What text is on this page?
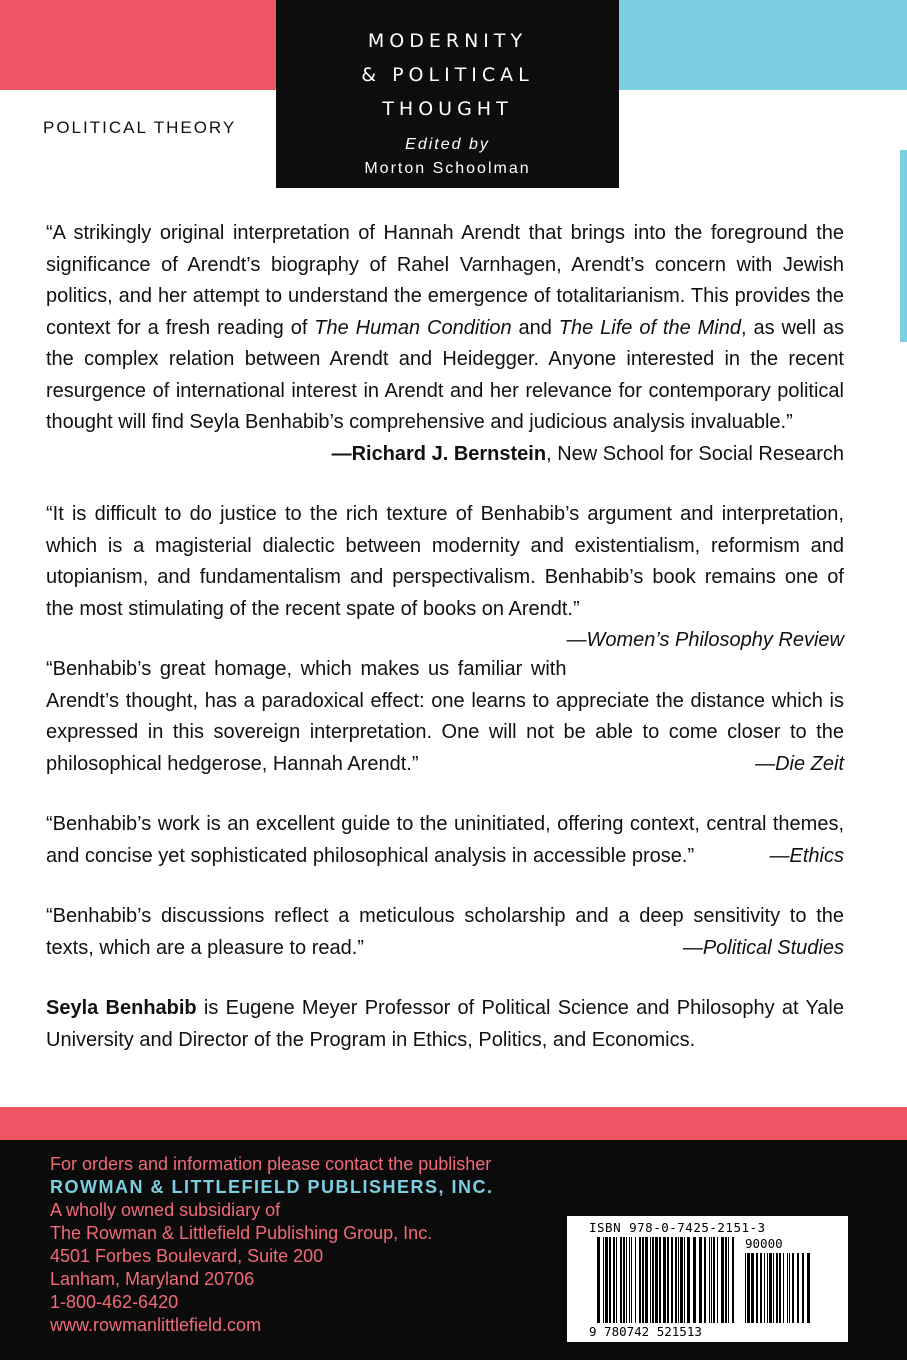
MODERNITY
& POLITICAL
THOUGHT
Edited by
Morton Schoolman
POLITICAL THEORY
“A strikingly original interpretation of Hannah Arendt that brings into the foreground the significance of Arendt’s biography of Rahel Varnhagen, Arendt’s concern with Jewish politics, and her attempt to understand the emergence of totalitarianism. This provides the context for a fresh reading of The Human Condition and The Life of the Mind, as well as the complex relation between Arendt and Heidegger. Anyone interested in the recent resurgence of international interest in Arendt and her relevance for contemporary political thought will find Seyla Benhabib’s comprehensive and judicious analysis invaluable.”
—Richard J. Bernstein, New School for Social Research
“It is difficult to do justice to the rich texture of Benhabib’s argument and interpretation, which is a magisterial dialectic between modernity and existentialism, reformism and utopianism, and fundamentalism and perspectivalism. Benhabib’s book remains one of the most stimulating of the recent spate of books on Arendt.”
—Women’s Philosophy Review
“Benhabib’s great homage, which makes us familiar with Arendt’s thought, has a paradoxical effect: one learns to appreciate the distance which is expressed in this sovereign interpretation. One will not be able to come closer to the philosophical hedgerose, Hannah Arendt.”	—Die Zeit
“Benhabib’s work is an excellent guide to the uninitiated, offering context, central themes, and concise yet sophisticated philosophical analysis in accessible prose.”	—Ethics
“Benhabib’s discussions reflect a meticulous scholarship and a deep sensitivity to the texts, which are a pleasure to read.”	—Political Studies
Seyla Benhabib is Eugene Meyer Professor of Political Science and Philosophy at Yale University and Director of the Program in Ethics, Politics, and Economics.
For orders and information please contact the publisher
ROWMAN & LITTLEFIELD PUBLISHERS, INC.
A wholly owned subsidiary of
The Rowman & Littlefield Publishing Group, Inc.
4501 Forbes Boulevard, Suite 200
Lanham, Maryland 20706
1-800-462-6420
www.rowmanlittlefield.com
ISBN 978-0-7425-2151-3
90000
9 780742 521513
